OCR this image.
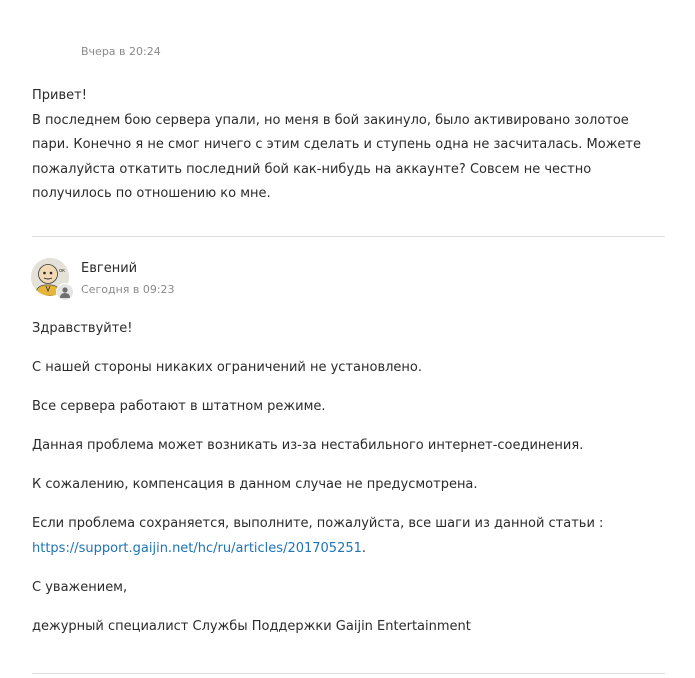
Вчера в 20:24

Привет!

В последнем бою сервера упали, но меня в бой закинуло, было активировано золотое

пари. Конечно я не смог ничего с этим сделать и ступень одна не засчиталась. Можете

пожалуйста откатить последний бой как-нибудь на аккаунте? Совсем не честно

получилось по отношению ко мне.

ок Евгений
Сегодня в 09:23

Здравствуйте!

С нашей стороны никаких ограничений не установлено.

Все сервера работают в штатном режиме.

Данная проблема может возникать из-за нестабильного интернет-соединения.

К сожалению, компенсация в данном случае не предусмотрена.

Если проблема сохраняется, выполните, пожалуйста, все шаги из данной статьи :
https://support.gaijin.net/hc/ru/articles/201705251.

С уважением,

дежурный специалист Службы Поддержки Gaijin Entertainment
